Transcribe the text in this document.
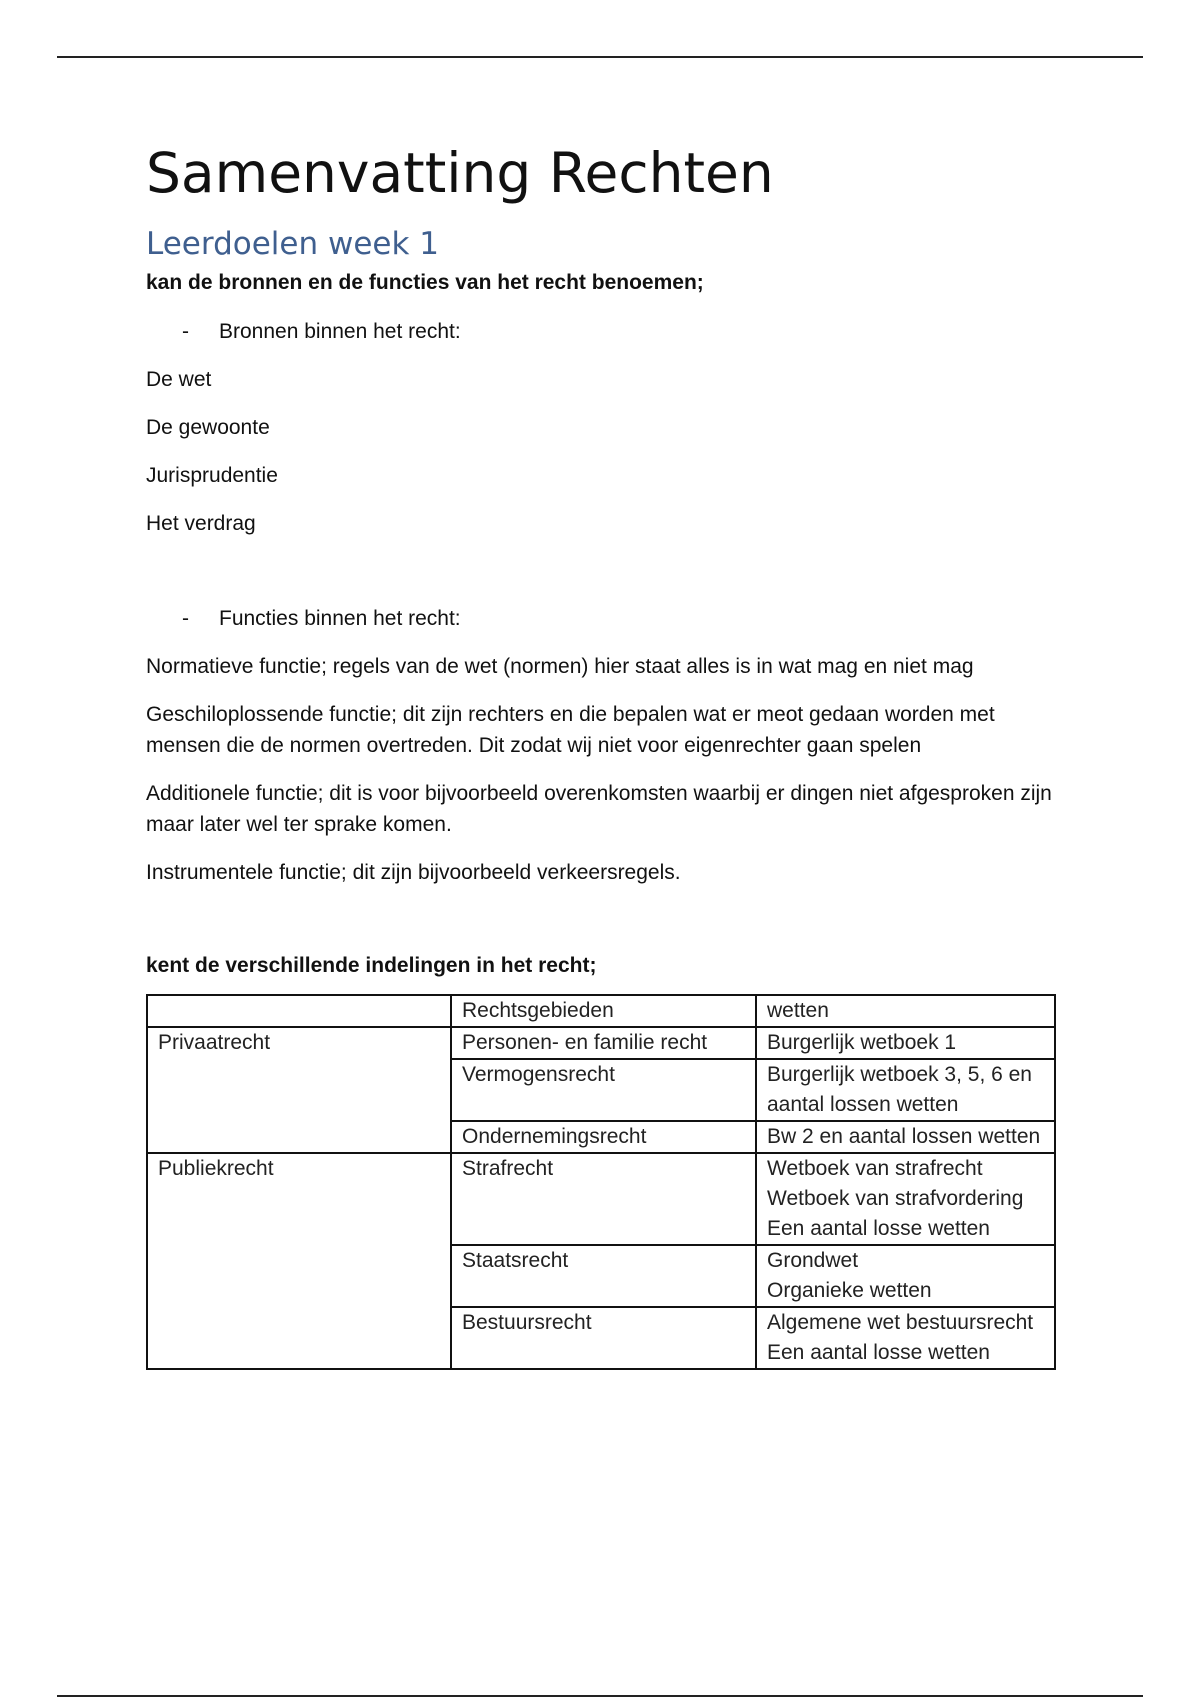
Samenvatting Rechten
Leerdoelen week 1

kan de bronnen en de functies van het recht benoemen;

-	Bronnen binnen het recht:

De wet

De gewoonte

Jurisprudentie

Het verdrag

-	Functies binnen het recht:

Normatieve functie; regels van de wet (normen) hier staat alles is in wat mag en niet mag

Geschiloplossende functie; dit zijn rechters en die bepalen wat er meot gedaan worden met mensen die de normen overtreden. Dit zodat wij niet voor eigenrechter gaan spelen

Additionele functie; dit is voor bijvoorbeeld overenkomsten waarbij er dingen niet afgesproken zijn maar later wel ter sprake komen.

Instrumentele functie; dit zijn bijvoorbeeld verkeersregels.

kent de verschillende indelingen in het recht;

	Rechtsgebieden	wetten
Privaatrecht	Personen- en familie recht	Burgerlijk wetboek 1

	Vermogensrecht	Burgerlijk wetboek 3, 5, 6 en aantal lossen wetten

	Ondernemingsrecht	Bw 2 en aantal lossen wetten

Publiekrecht	Strafrecht	Wetboek van strafrecht
Wetboek van strafvordering
Een aantal losse wetten

	Staatsrecht	Grondwet
Organieke wetten

	Bestuursrecht	Algemene wet bestuursrecht
Een aantal losse wetten
